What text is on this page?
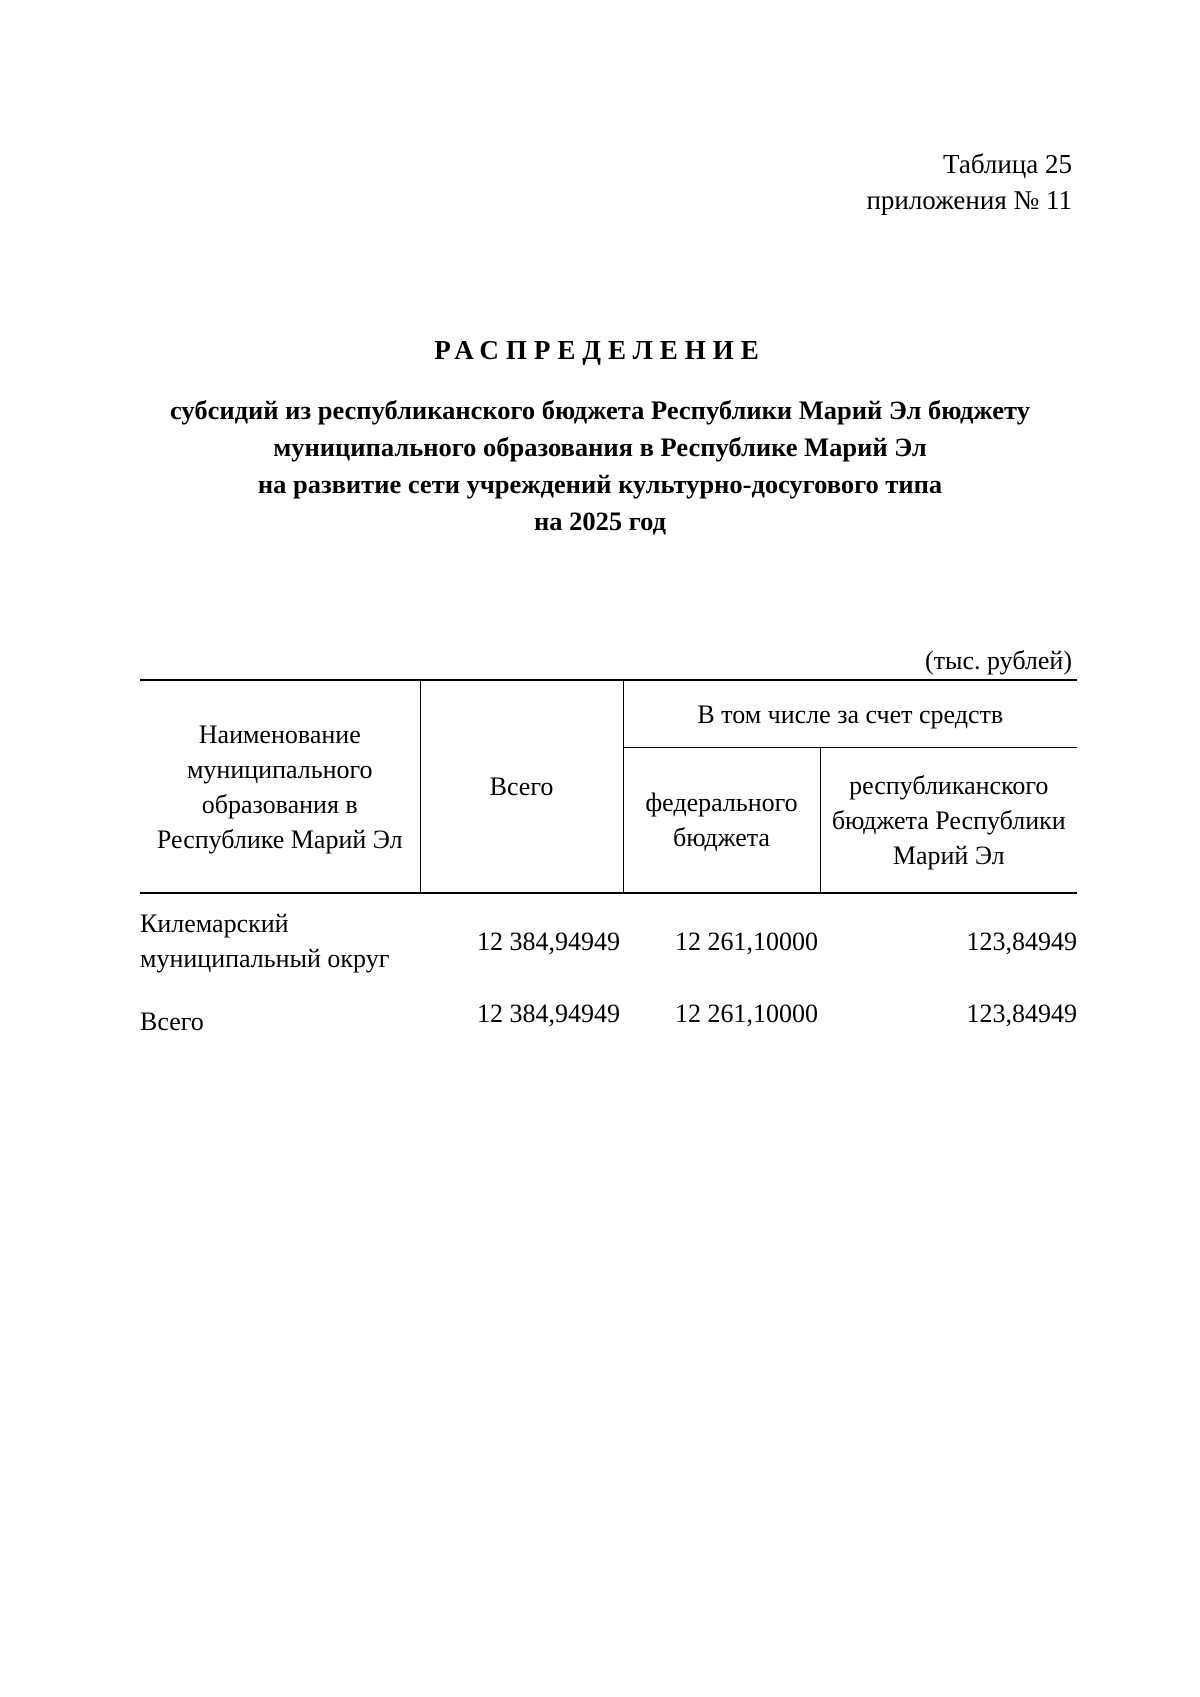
Таблица 25
приложения № 11
РАСПРЕДЕЛЕНИЕ
субсидий из республиканского бюджета Республики Марий Эл бюджету
муниципального образования в Республике Марий Эл
на развитие сети учреждений культурно-досугового типа
на 2025 год
(тыс. рублей)
Наименование муниципального образования в Республике Марий Эл	Всего	В том числе за счет средств	
		федерального бюджета	республиканского бюджета Республики Марий Эл
Килемарский муниципальный округ	12 384,94949	12 261,10000	123,84949
Всего	12 384,94949	12 261,10000	123,84949
